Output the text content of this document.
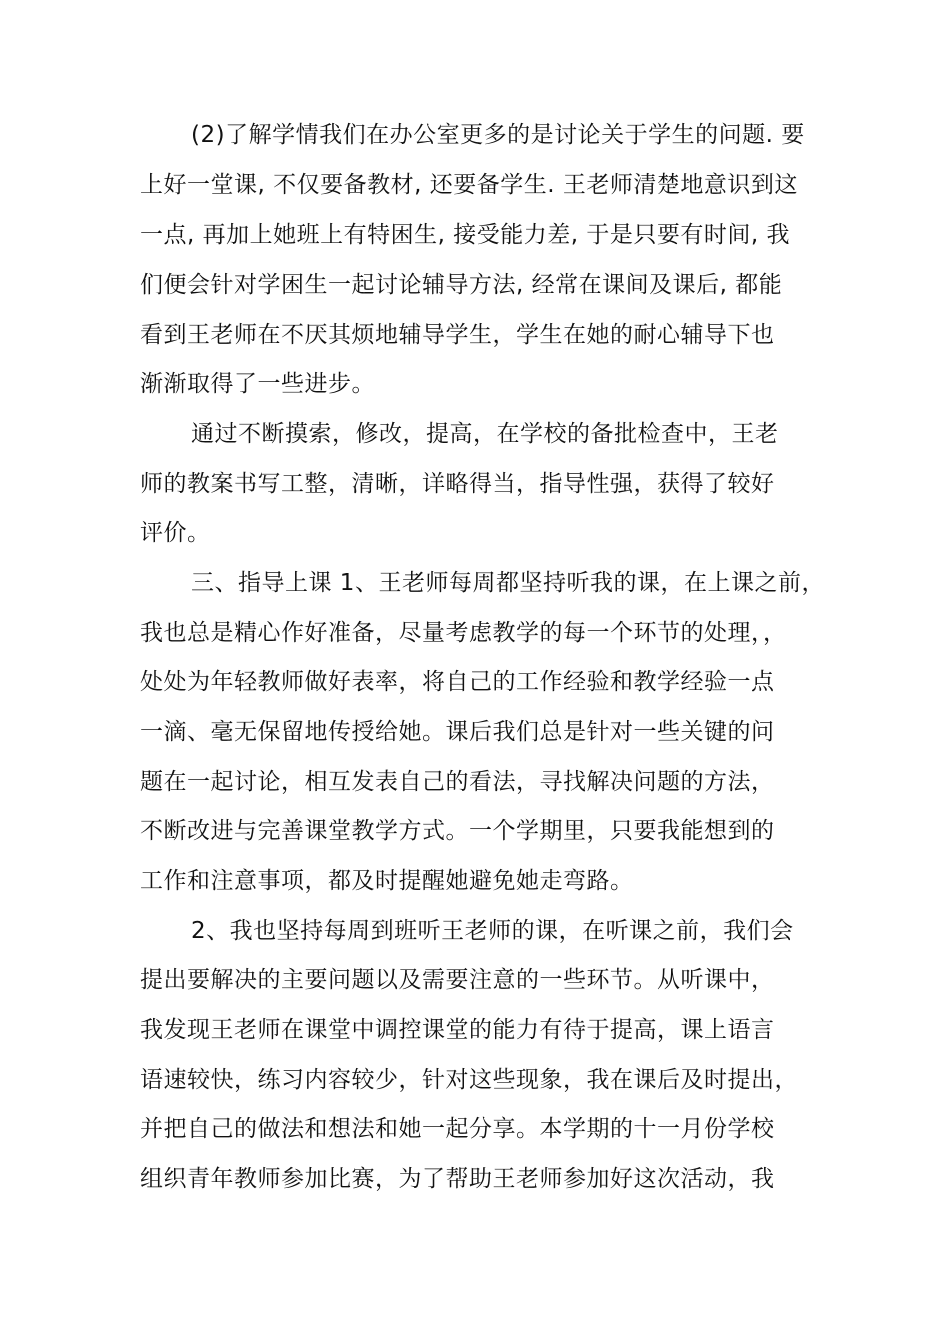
(2)了解学情我们在办公室更多的是讨论关于学生的问题. 要
上好一堂课, 不仅要备教材, 还要备学生. 王老师清楚地意识到这
一点, 再加上她班上有特困生, 接受能力差, 于是只要有时间, 我
们便会针对学困生一起讨论辅导方法, 经常在课间及课后, 都能
看到王老师在不厌其烦地辅导学生，学生在她的耐心辅导下也
渐渐取得了一些进步。
通过不断摸索，修改，提高，在学校的备批检查中，王老
师的教案书写工整，清晰，详略得当，指导性强，获得了较好
评价。
三、指导上课 1、王老师每周都坚持听我的课，在上课之前，
我也总是精心作好准备，尽量考虑教学的每一个环节的处理，，
处处为年轻教师做好表率，将自己的工作经验和教学经验一点
一滴、毫无保留地传授给她。课后我们总是针对一些关键的问
题在一起讨论，相互发表自己的看法，寻找解决问题的方法，
不断改进与完善课堂教学方式。一个学期里，只要我能想到的
工作和注意事项，都及时提醒她避免她走弯路。
2、我也坚持每周到班听王老师的课，在听课之前，我们会
提出要解决的主要问题以及需要注意的一些环节。从听课中，
我发现王老师在课堂中调控课堂的能力有待于提高，课上语言
语速较快，练习内容较少，针对这些现象，我在课后及时提出，
并把自己的做法和想法和她一起分享。本学期的十一月份学校
组织青年教师参加比赛，为了帮助王老师参加好这次活动，我
